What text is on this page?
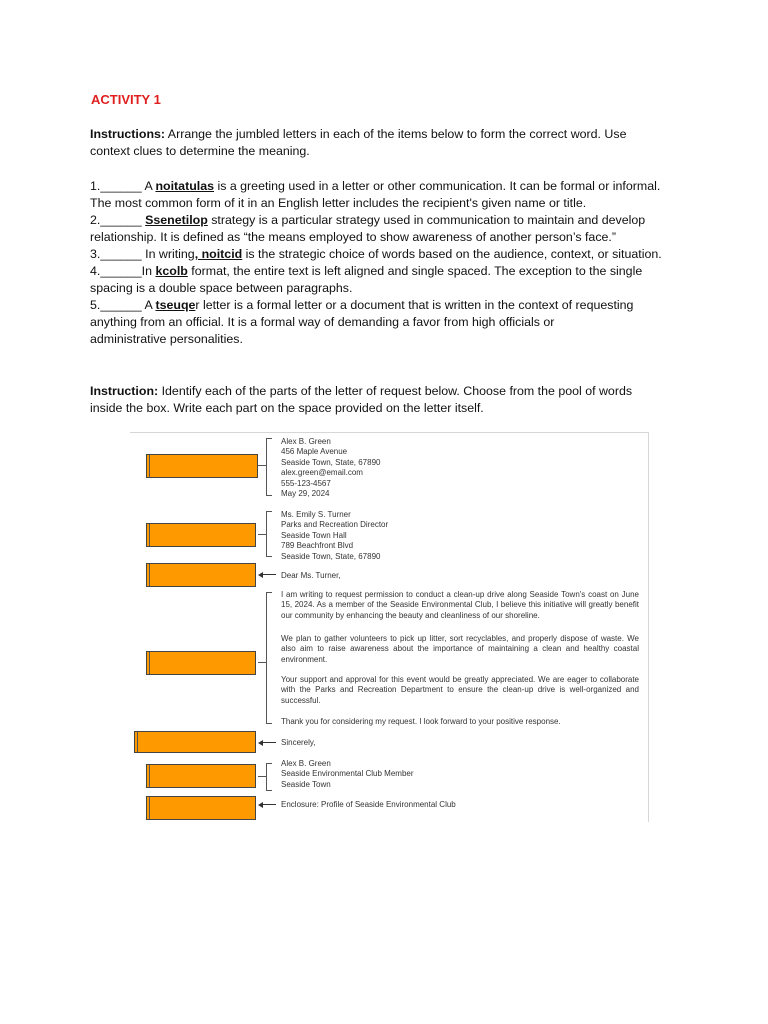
ACTIVITY 1
Instructions: Arrange the jumbled letters in each of the items below to form the correct word. Use
context clues to determine the meaning.
1.______ A noitatulas is a greeting used in a letter or other communication. It can be formal or informal.
The most common form of it in an English letter includes the recipient's given name or title.
2.______ Ssenetilop strategy is a particular strategy used in communication to maintain and develop
relationship. It is defined as “the means employed to show awareness of another person’s face.”
3.______ In writing, noitcid is the strategic choice of words based on the audience, context, or situation.
4.______In kcolb format, the entire text is left aligned and single spaced. The exception to the single
spacing is a double space between paragraphs.
5.______ A tseuqer letter is a formal letter or a document that is written in the context of requesting
anything from an official. It is a formal way of demanding a favor from high officials or
administrative personalities.
Instruction: Identify each of the parts of the letter of request below. Choose from the pool of words
inside the box. Write each part on the space provided on the letter itself.
Alex B. Green
456 Maple Avenue
Seaside Town, State, 67890
alex.green@email.com
555-123-4567
May 29, 2024
Ms. Emily S. Turner
Parks and Recreation Director
Seaside Town Hall
789 Beachfront Blvd
Seaside Town, State, 67890
Dear Ms. Turner,
I am writing to request permission to conduct a clean-up drive along Seaside Town's coast on June 15, 2024. As a member of the Seaside Environmental Club, I believe this initiative will greatly benefit our community by enhancing the beauty and cleanliness of our shoreline.
We plan to gather volunteers to pick up litter, sort recyclables, and properly dispose of waste. We also aim to raise awareness about the importance of maintaining a clean and healthy coastal environment.
Your support and approval for this event would be greatly appreciated. We are eager to collaborate with the Parks and Recreation Department to ensure the clean-up drive is well-organized and successful.
Thank you for considering my request. I look forward to your positive response.
Sincerely,
Alex B. Green
Seaside Environmental Club Member
Seaside Town
Enclosure: Profile of Seaside Environmental Club
